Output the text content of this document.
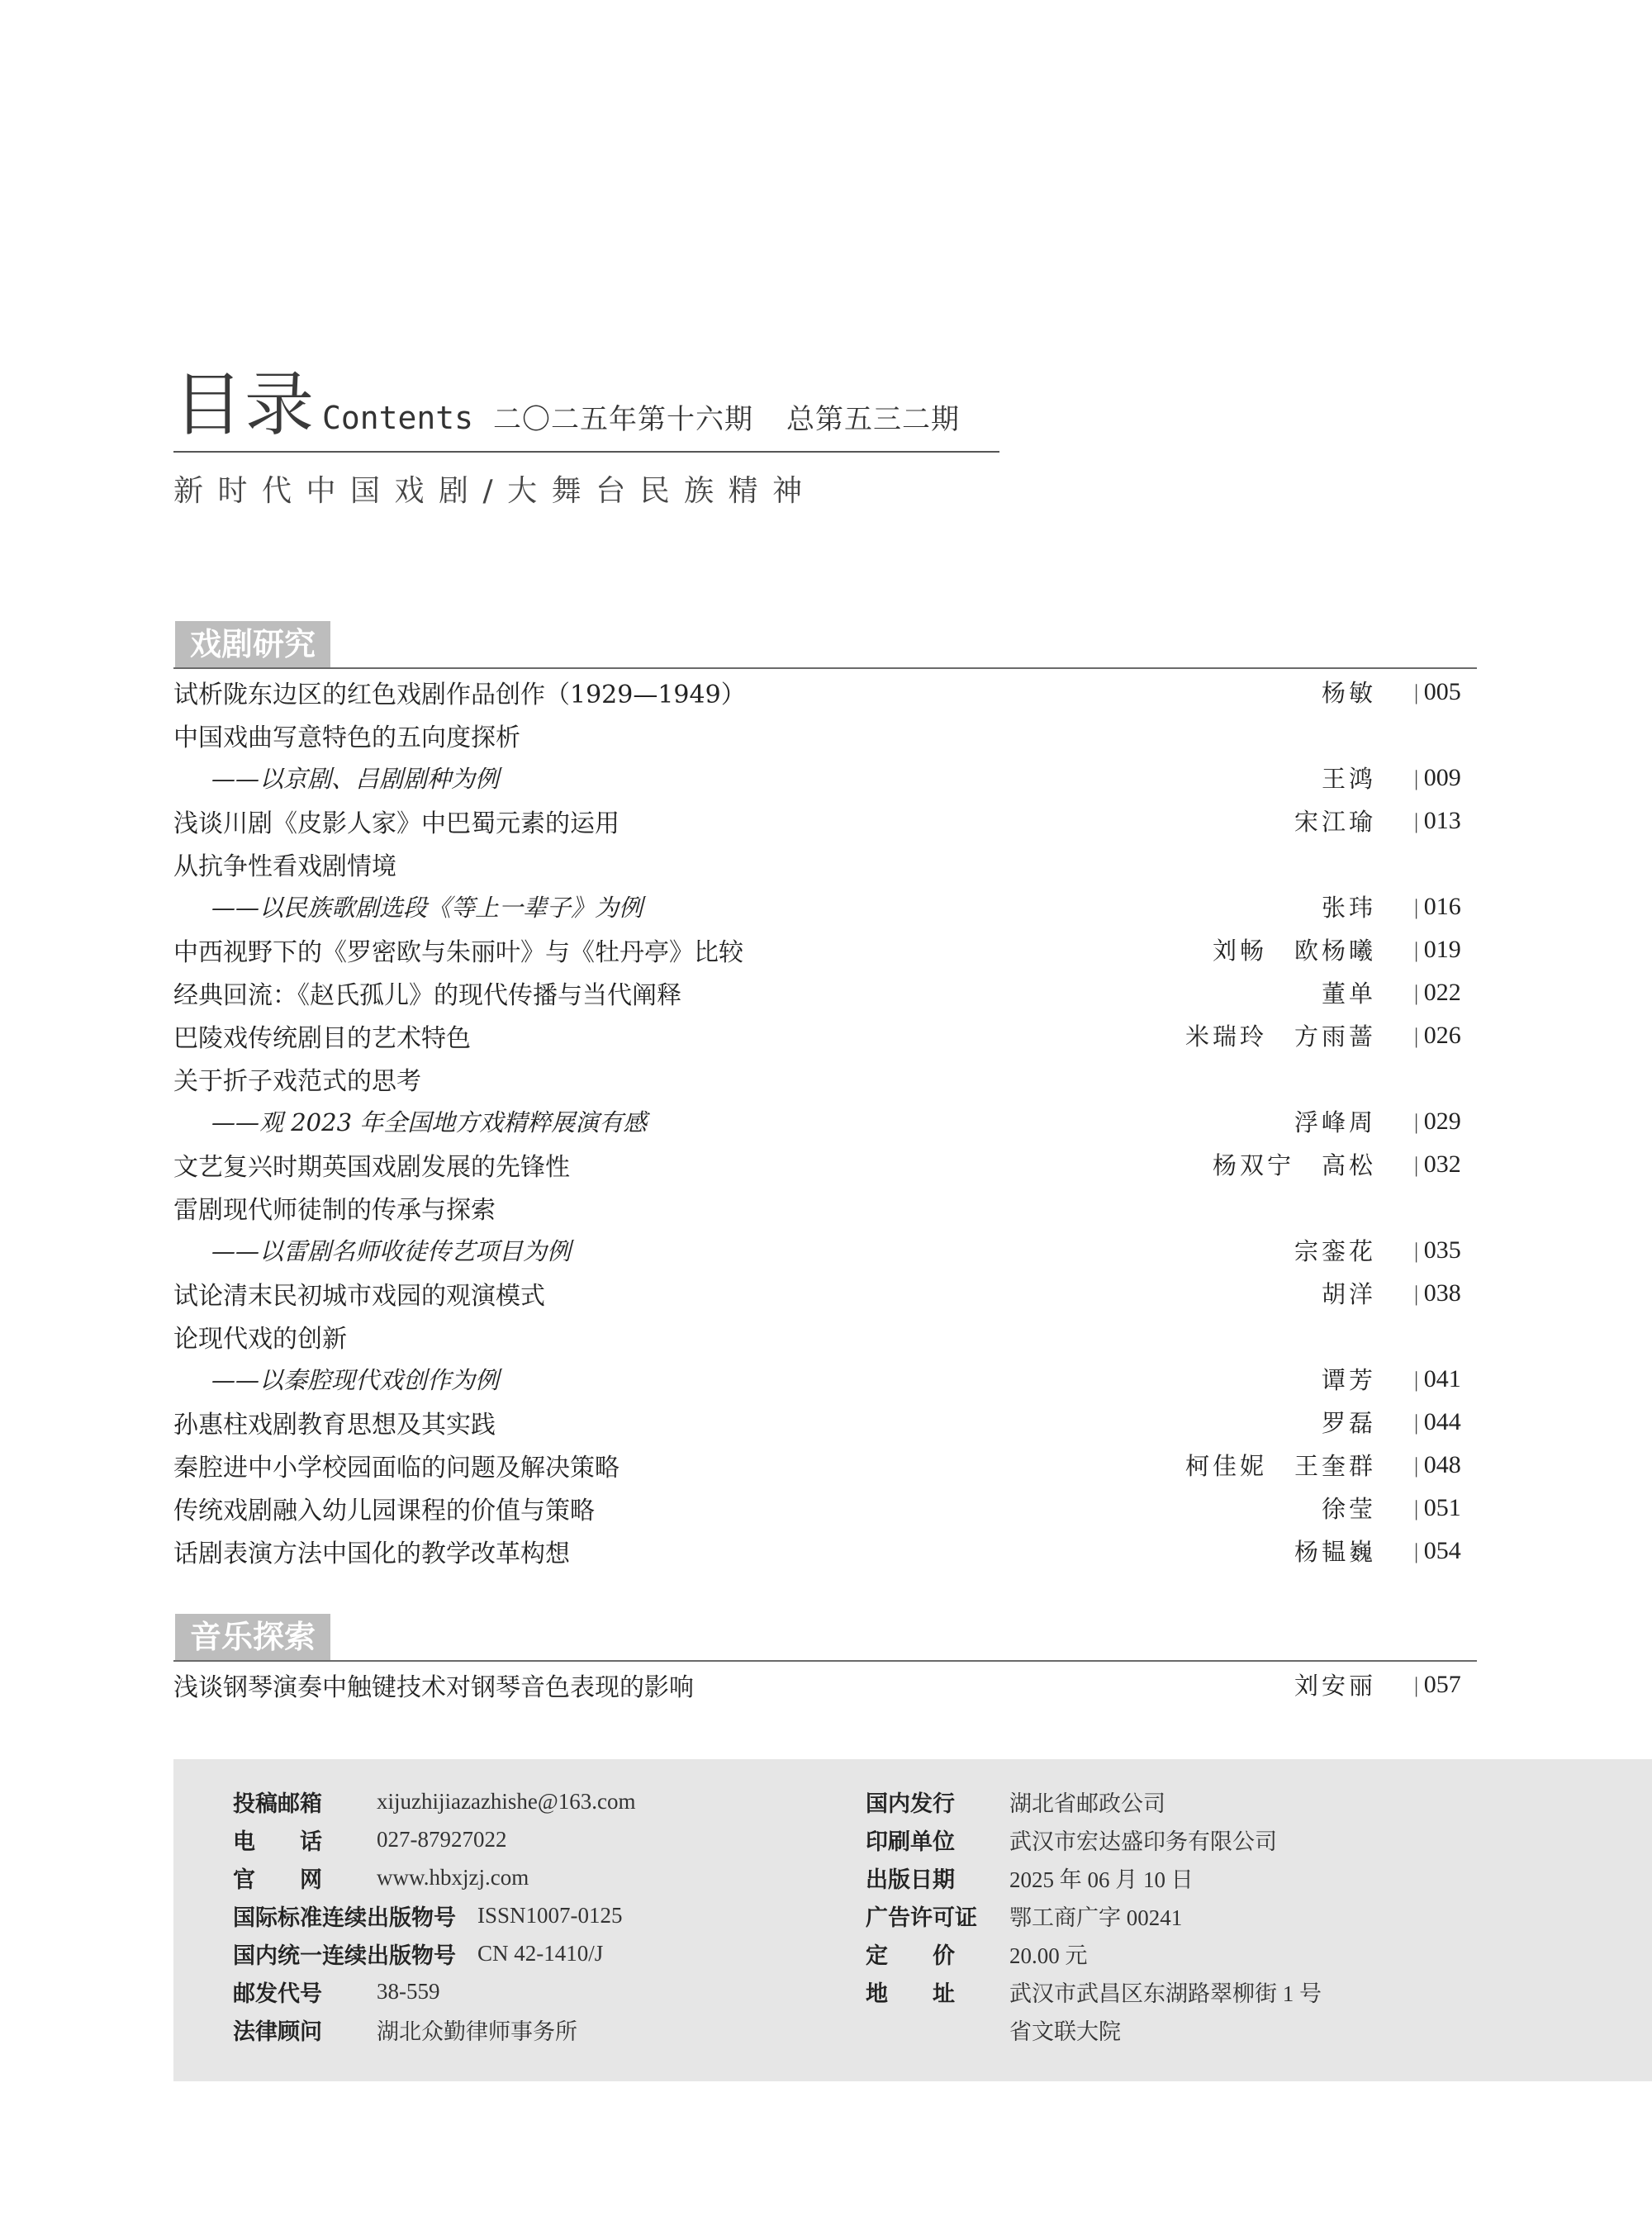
目录 Contents 二〇二五年第十六期 总第五三二期
新时代中国戏剧/大舞台民族精神
戏剧研究
试析陇东边区的红色戏剧作品创作（1929—1949）	杨敏	| 005
中国戏曲写意特色的五向度探析
——以京剧、吕剧剧种为例	王鸿	| 009
浅谈川剧《皮影人家》中巴蜀元素的运用	宋江瑜	| 013
从抗争性看戏剧情境
——以民族歌剧选段《等上一辈子》为例	张玮	| 016
中西视野下的《罗密欧与朱丽叶》与《牡丹亭》比较	刘畅　欧杨曦	| 019
经典回流：《赵氏孤儿》的现代传播与当代阐释	董单	| 022
巴陵戏传统剧目的艺术特色	米瑞玲　方雨蔷	| 026
关于折子戏范式的思考
——观 2023 年全国地方戏精粹展演有感	浮峰周	| 029
文艺复兴时期英国戏剧发展的先锋性	杨双宁　高松	| 032
雷剧现代师徒制的传承与探索
——以雷剧名师收徒传艺项目为例	宗銮花	| 035
试论清末民初城市戏园的观演模式	胡洋	| 038
论现代戏的创新
——以秦腔现代戏创作为例	谭芳	| 041
孙惠柱戏剧教育思想及其实践	罗磊	| 044
秦腔进中小学校园面临的问题及解决策略	柯佳妮　王奎群	| 048
传统戏剧融入幼儿园课程的价值与策略	徐莹	| 051
话剧表演方法中国化的教学改革构想	杨韫巍	| 054
音乐探索
浅谈钢琴演奏中触键技术对钢琴音色表现的影响	刘安丽	| 057
投稿邮箱	xijuzhijiazazhishe@163.com
电　　话	027-87927022
官　　网	www.hbxjzj.com
国际标准连续出版物号 ISSN1007-0125
国内统一连续出版物号 CN 42-1410/J
邮发代号	38-559
法律顾问	湖北众勤律师事务所
国内发行	湖北省邮政公司
印刷单位	武汉市宏达盛印务有限公司
出版日期	2025 年 06 月 10 日
广告许可证	鄂工商广字 00241
定　　价	20.00 元
地　　址	武汉市武昌区东湖路翠柳街 1 号
省文联大院
